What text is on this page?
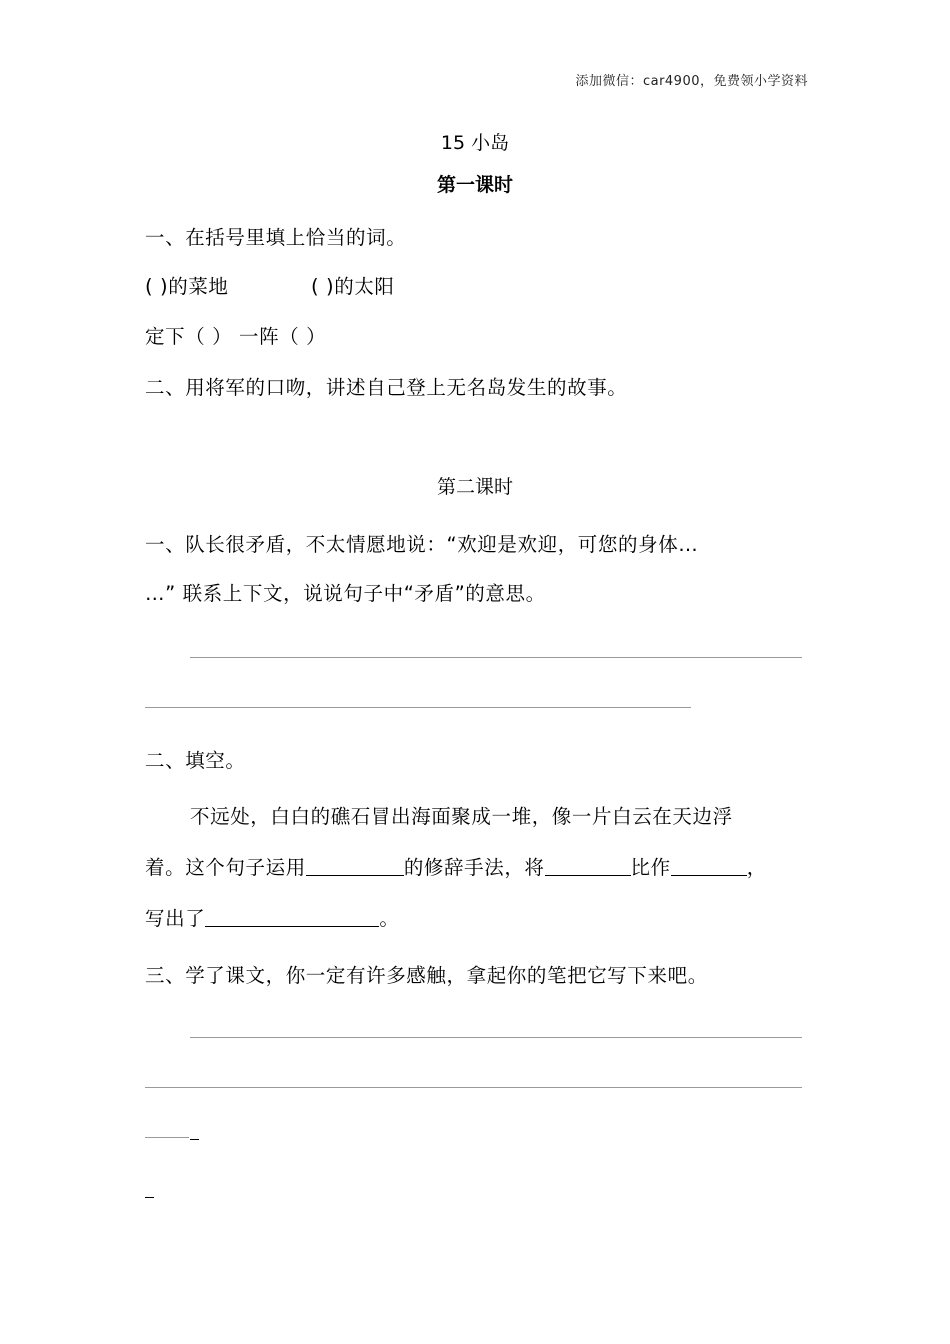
添加微信：car4900，免费领小学资料
15 小岛
第一课时
一、在括号里填上恰当的词。
( )的菜地	( )的太阳
定下（ ） 一阵（ ）
二、用将军的口吻，讲述自己登上无名岛发生的故事。
第二课时
一、队长很矛盾，不太情愿地说：“欢迎是欢迎，可您的身体…
…” 联系上下文，说说句子中“矛盾”的意思。
二、填空。
不远处，白白的礁石冒出海面聚成一堆，像一片白云在天边浮
着。这个句子运用	的修辞手法，将	比作	，
写出了	。
三、学了课文，你一定有许多感触，拿起你的笔把它写下来吧。
